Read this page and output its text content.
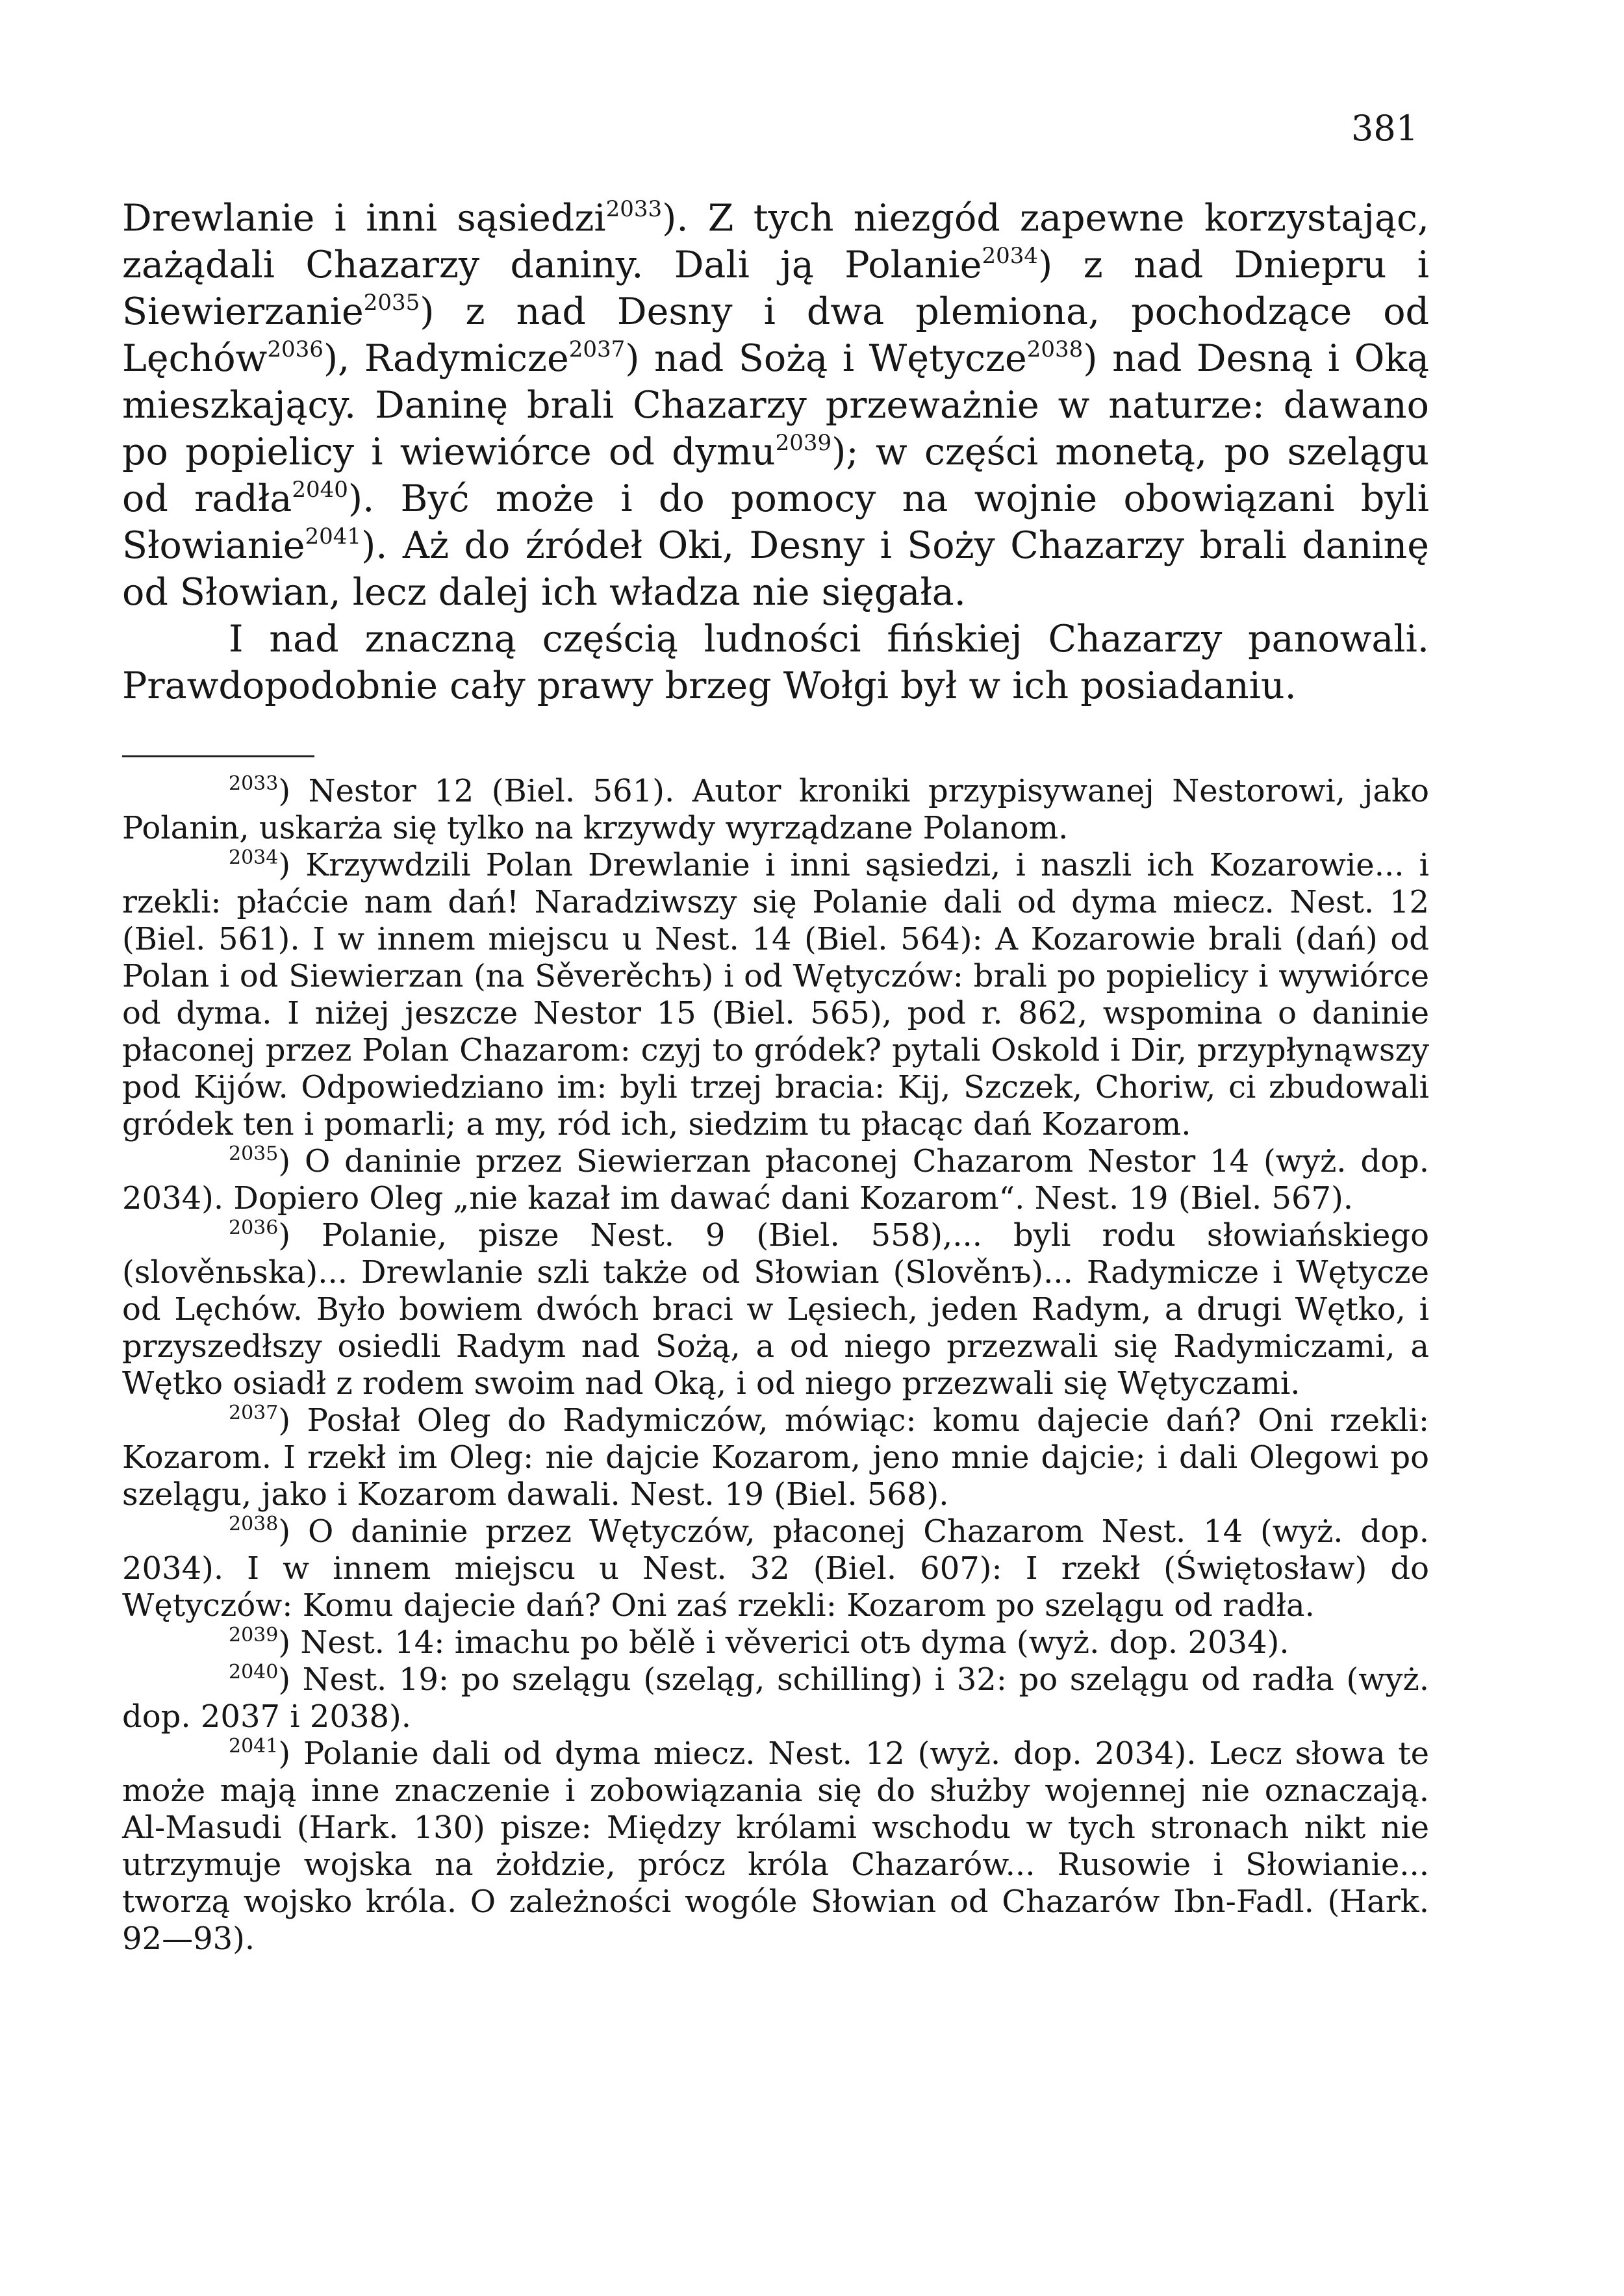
381

Drewlanie i inni sąsiedzi$^{2033}$). Z tych niezgód zapewne korzystając, zażądali Chazarzy daniny. Dali ją Polanie$^{2034}$) z nad Dniepru i Siewierzanie$^{2035}$) z nad Desny i dwa plemiona, pochodzące od Lęchów$^{2036}$), Radymicze$^{2037}$) nad Sożą i Wętycze$^{2038}$) nad Desną i Oką mieszkający. Daninę brali Chazarzy przeważnie w naturze: dawano po popielicy i wiewiórce od dymu$^{2039}$); w części monetą, po szelągu od radła$^{2040}$). Być może i do pomocy na wojnie obowiązani byli Słowianie$^{2041}$). Aż do źródeł Oki, Desny i Soży Chazarzy brali daninę od Słowian, lecz dalej ich władza nie sięgała.

I nad znaczną częścią ludności fińskiej Chazarzy panowali. Prawdopodobnie cały prawy brzeg Wołgi był w ich posiadaniu.

$^{2033}$) Nestor 12 (Biel. 561). Autor kroniki przypisywanej Nestorowi, jako Polanin, uskarża się tylko na krzywdy wyrządzane Polanom.

$^{2034}$) Krzywdzili Polan Drewlanie i inni sąsiedzi, i naszli ich Kozarowie... i rzekli: płaćcie nam dań! Naradziwszy się Polanie dali od dyma miecz. Nest. 12 (Biel. 561). I w innem miejscu u Nest. 14 (Biel. 564): A Kozarowie brali (dań) od Polan i od Siewierzan (na Sěverěchъ) i od Wętyczów: brali po popielicy i wywiórce od dyma. I niżej jeszcze Nestor 15 (Biel. 565), pod r. 862, wspomina o daninie płaconej przez Polan Chazarom: czyj to gródek? pytali Oskold i Dir, przypłynąwszy pod Kijów. Odpowiedziano im: byli trzej bracia: Kij, Szczek, Choriw, ci zbudowali gródek ten i pomarli; a my, ród ich, siedzim tu płacąc dań Kozarom.

$^{2035}$) O daninie przez Siewierzan płaconej Chazarom Nestor 14 (wyż. dop. 2034). Dopiero Oleg „nie kazał im dawać dani Kozarom“. Nest. 19 (Biel. 567).

$^{2036}$) Polanie, pisze Nest. 9 (Biel. 558),... byli rodu słowiańskiego (slověnьska)... Drewlanie szli także od Słowian (Slověnъ)... Radymicze i Wętycze od Lęchów. Było bowiem dwóch braci w Lęsiech, jeden Radym, a drugi Wętko, i przyszedłszy osiedli Radym nad Sożą, a od niego przezwali się Radymiczami, a Wętko osiadł z rodem swoim nad Oką, i od niego przezwali się Wętyczami.

$^{2037}$) Posłał Oleg do Radymiczów, mówiąc: komu dajecie dań? Oni rzekli: Kozarom. I rzekł im Oleg: nie dajcie Kozarom, jeno mnie dajcie; i dali Olegowi po szelągu, jako i Kozarom dawali. Nest. 19 (Biel. 568).

$^{2038}$) O daninie przez Wętyczów, płaconej Chazarom Nest. 14 (wyż. dop. 2034). I w innem miejscu u Nest. 32 (Biel. 607): I rzekł (Świętosław) do Wętyczów: Komu dajecie dań? Oni zaś rzekli: Kozarom po szelągu od radła.

$^{2039}$) Nest. 14: imachu po bělě i věverici otъ dyma (wyż. dop. 2034).

$^{2040}$) Nest. 19: po szelągu (szeląg, schilling) i 32: po szelągu od radła (wyż. dop. 2037 i 2038).

$^{2041}$) Polanie dali od dyma miecz. Nest. 12 (wyż. dop. 2034). Lecz słowa te może mają inne znaczenie i zobowiązania się do służby wojennej nie oznaczają. Al-Masudi (Hark. 130) pisze: Między królami wschodu w tych stronach nikt nie utrzymuje wojska na żołdzie, prócz króla Chazarów... Rusowie i Słowianie... tworzą wojsko króla. O zależności wogóle Słowian od Chazarów Ibn-Fadl. (Hark. 92—93).
